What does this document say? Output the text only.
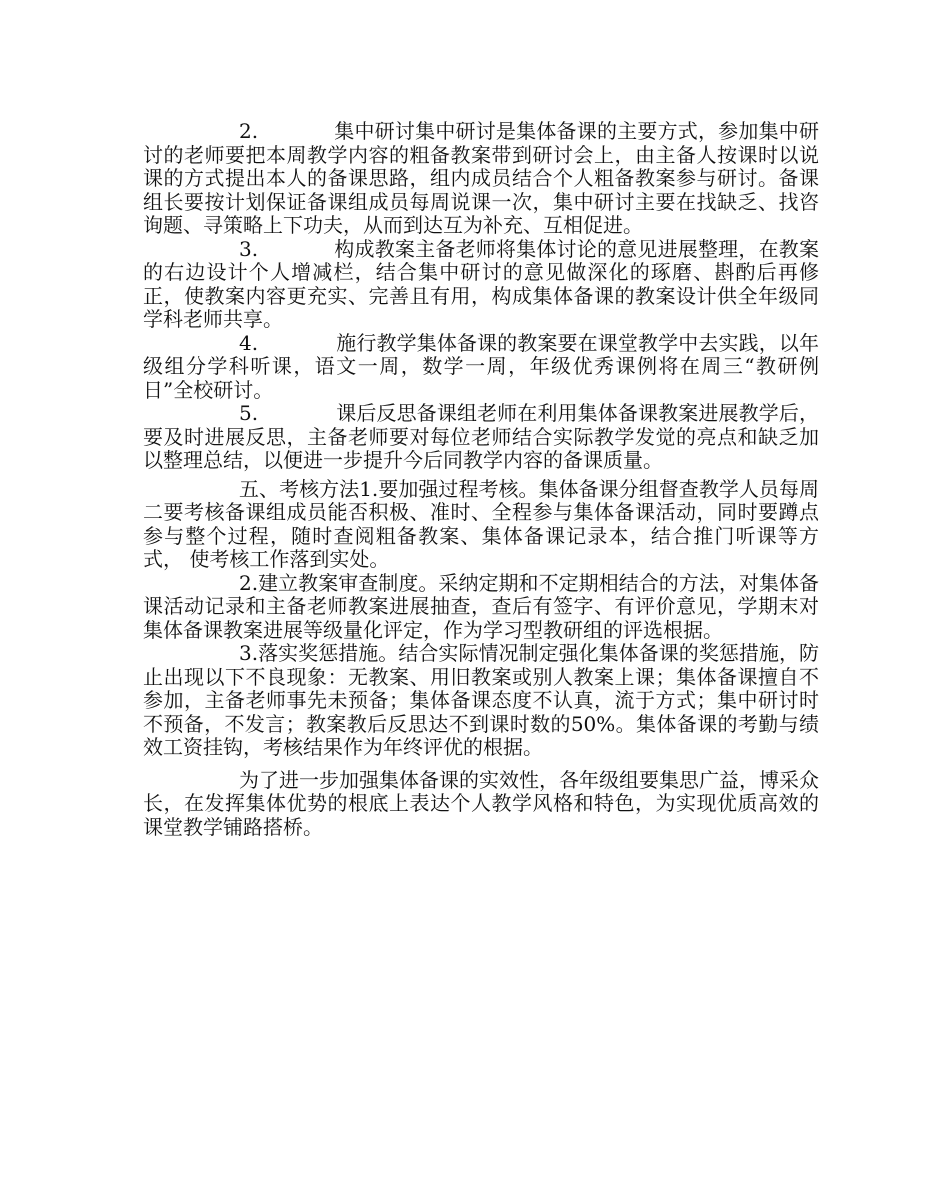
2.	集中研讨集中研讨是集体备课的主要方式，参加集中研讨的老师要把本周教学内容的粗备教案带到研讨会上，由主备人按课时以说课的方式提出本人的备课思路，组内成员结合个人粗备教案参与研讨。备课组长要按计划保证备课组成员每周说课一次，集中研讨主要在找缺乏、找咨询题、寻策略上下功夫，从而到达互为补充、互相促进。

3.	构成教案主备老师将集体讨论的意见进展整理，在教案的右边设计个人增减栏，结合集中研讨的意见做深化的琢磨、斟酌后再修正，使教案内容更充实、完善且有用，构成集体备课的教案设计供全年级同学科老师共享。

4.	施行教学集体备课的教案要在课堂教学中去实践，以年级组分学科听课，语文一周，数学一周，年级优秀课例将在周三“教研例日”全校研讨。

5.	课后反思备课组老师在利用集体备课教案进展教学后，要及时进展反思，主备老师要对每位老师结合实际教学发觉的亮点和缺乏加以整理总结，以便进一步提升今后同教学内容的备课质量。

五、考核方法1.要加强过程考核。集体备课分组督查教学人员每周二要考核备课组成员能否积极、准时、全程参与集体备课活动，同时要蹲点参与整个过程，随时查阅粗备教案、集体备课记录本，结合推门听课等方式， 使考核工作落到实处。

2.建立教案审查制度。采纳定期和不定期相结合的方法，对集体备课活动记录和主备老师教案进展抽查，查后有签字、有评价意见，学期末对集体备课教案进展等级量化评定，作为学习型教研组的评选根据。

3.落实奖惩措施。结合实际情况制定强化集体备课的奖惩措施，防止出现以下不良现象：无教案、用旧教案或别人教案上课；集体备课擅自不参加，主备老师事先未预备；集体备课态度不认真，流于方式；集中研讨时不预备，不发言；教案教后反思达不到课时数的50%。集体备课的考勤与绩效工资挂钩，考核结果作为年终评优的根据。

为了进一步加强集体备课的实效性，各年级组要集思广益，博采众长，在发挥集体优势的根底上表达个人教学风格和特色，为实现优质高效的课堂教学铺路搭桥。
